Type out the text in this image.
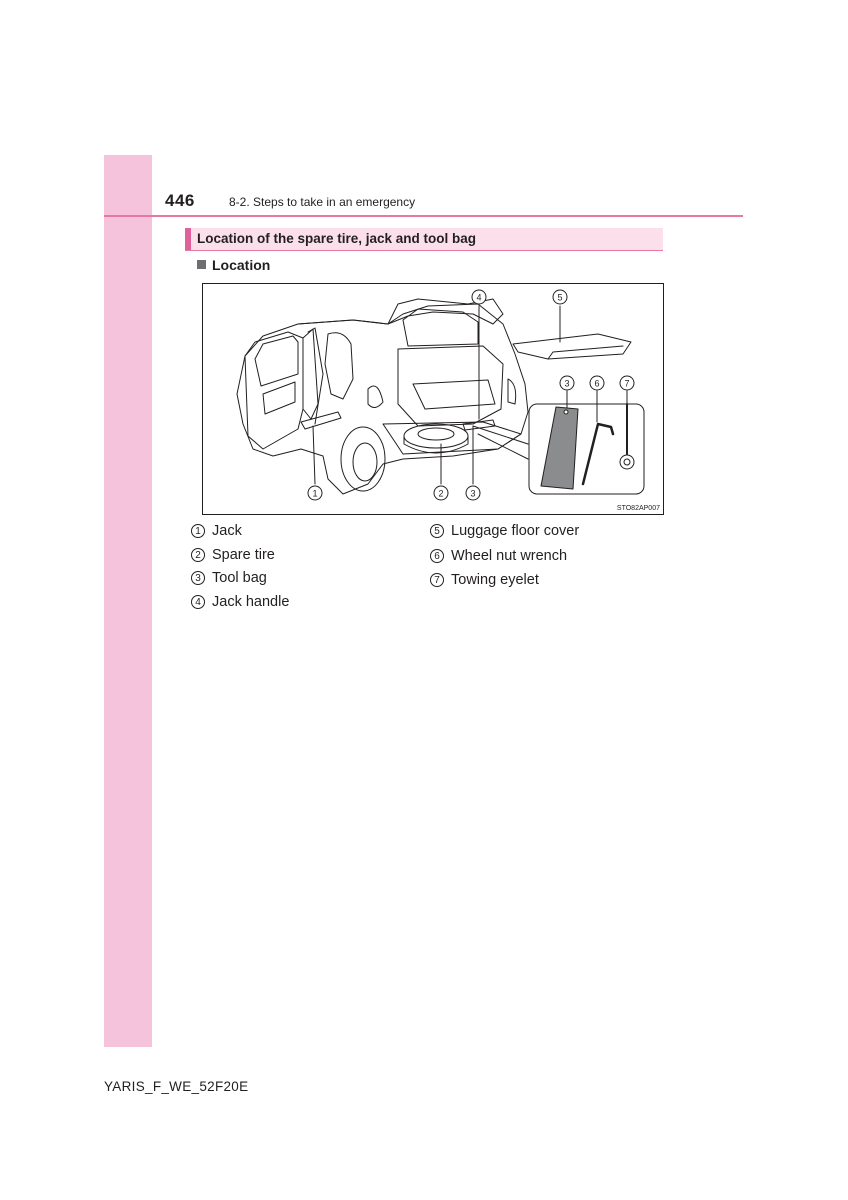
446	8-2. Steps to take in an emergency
Location of the spare tire, jack and tool bag
Location
1	2	3
4	5
3	6	7
STO82AP007
1 Jack
2 Spare tire
3 Tool bag
4 Jack handle
5 Luggage floor cover
6 Wheel nut wrench
7 Towing eyelet
YARIS_F_WE_52F20E
